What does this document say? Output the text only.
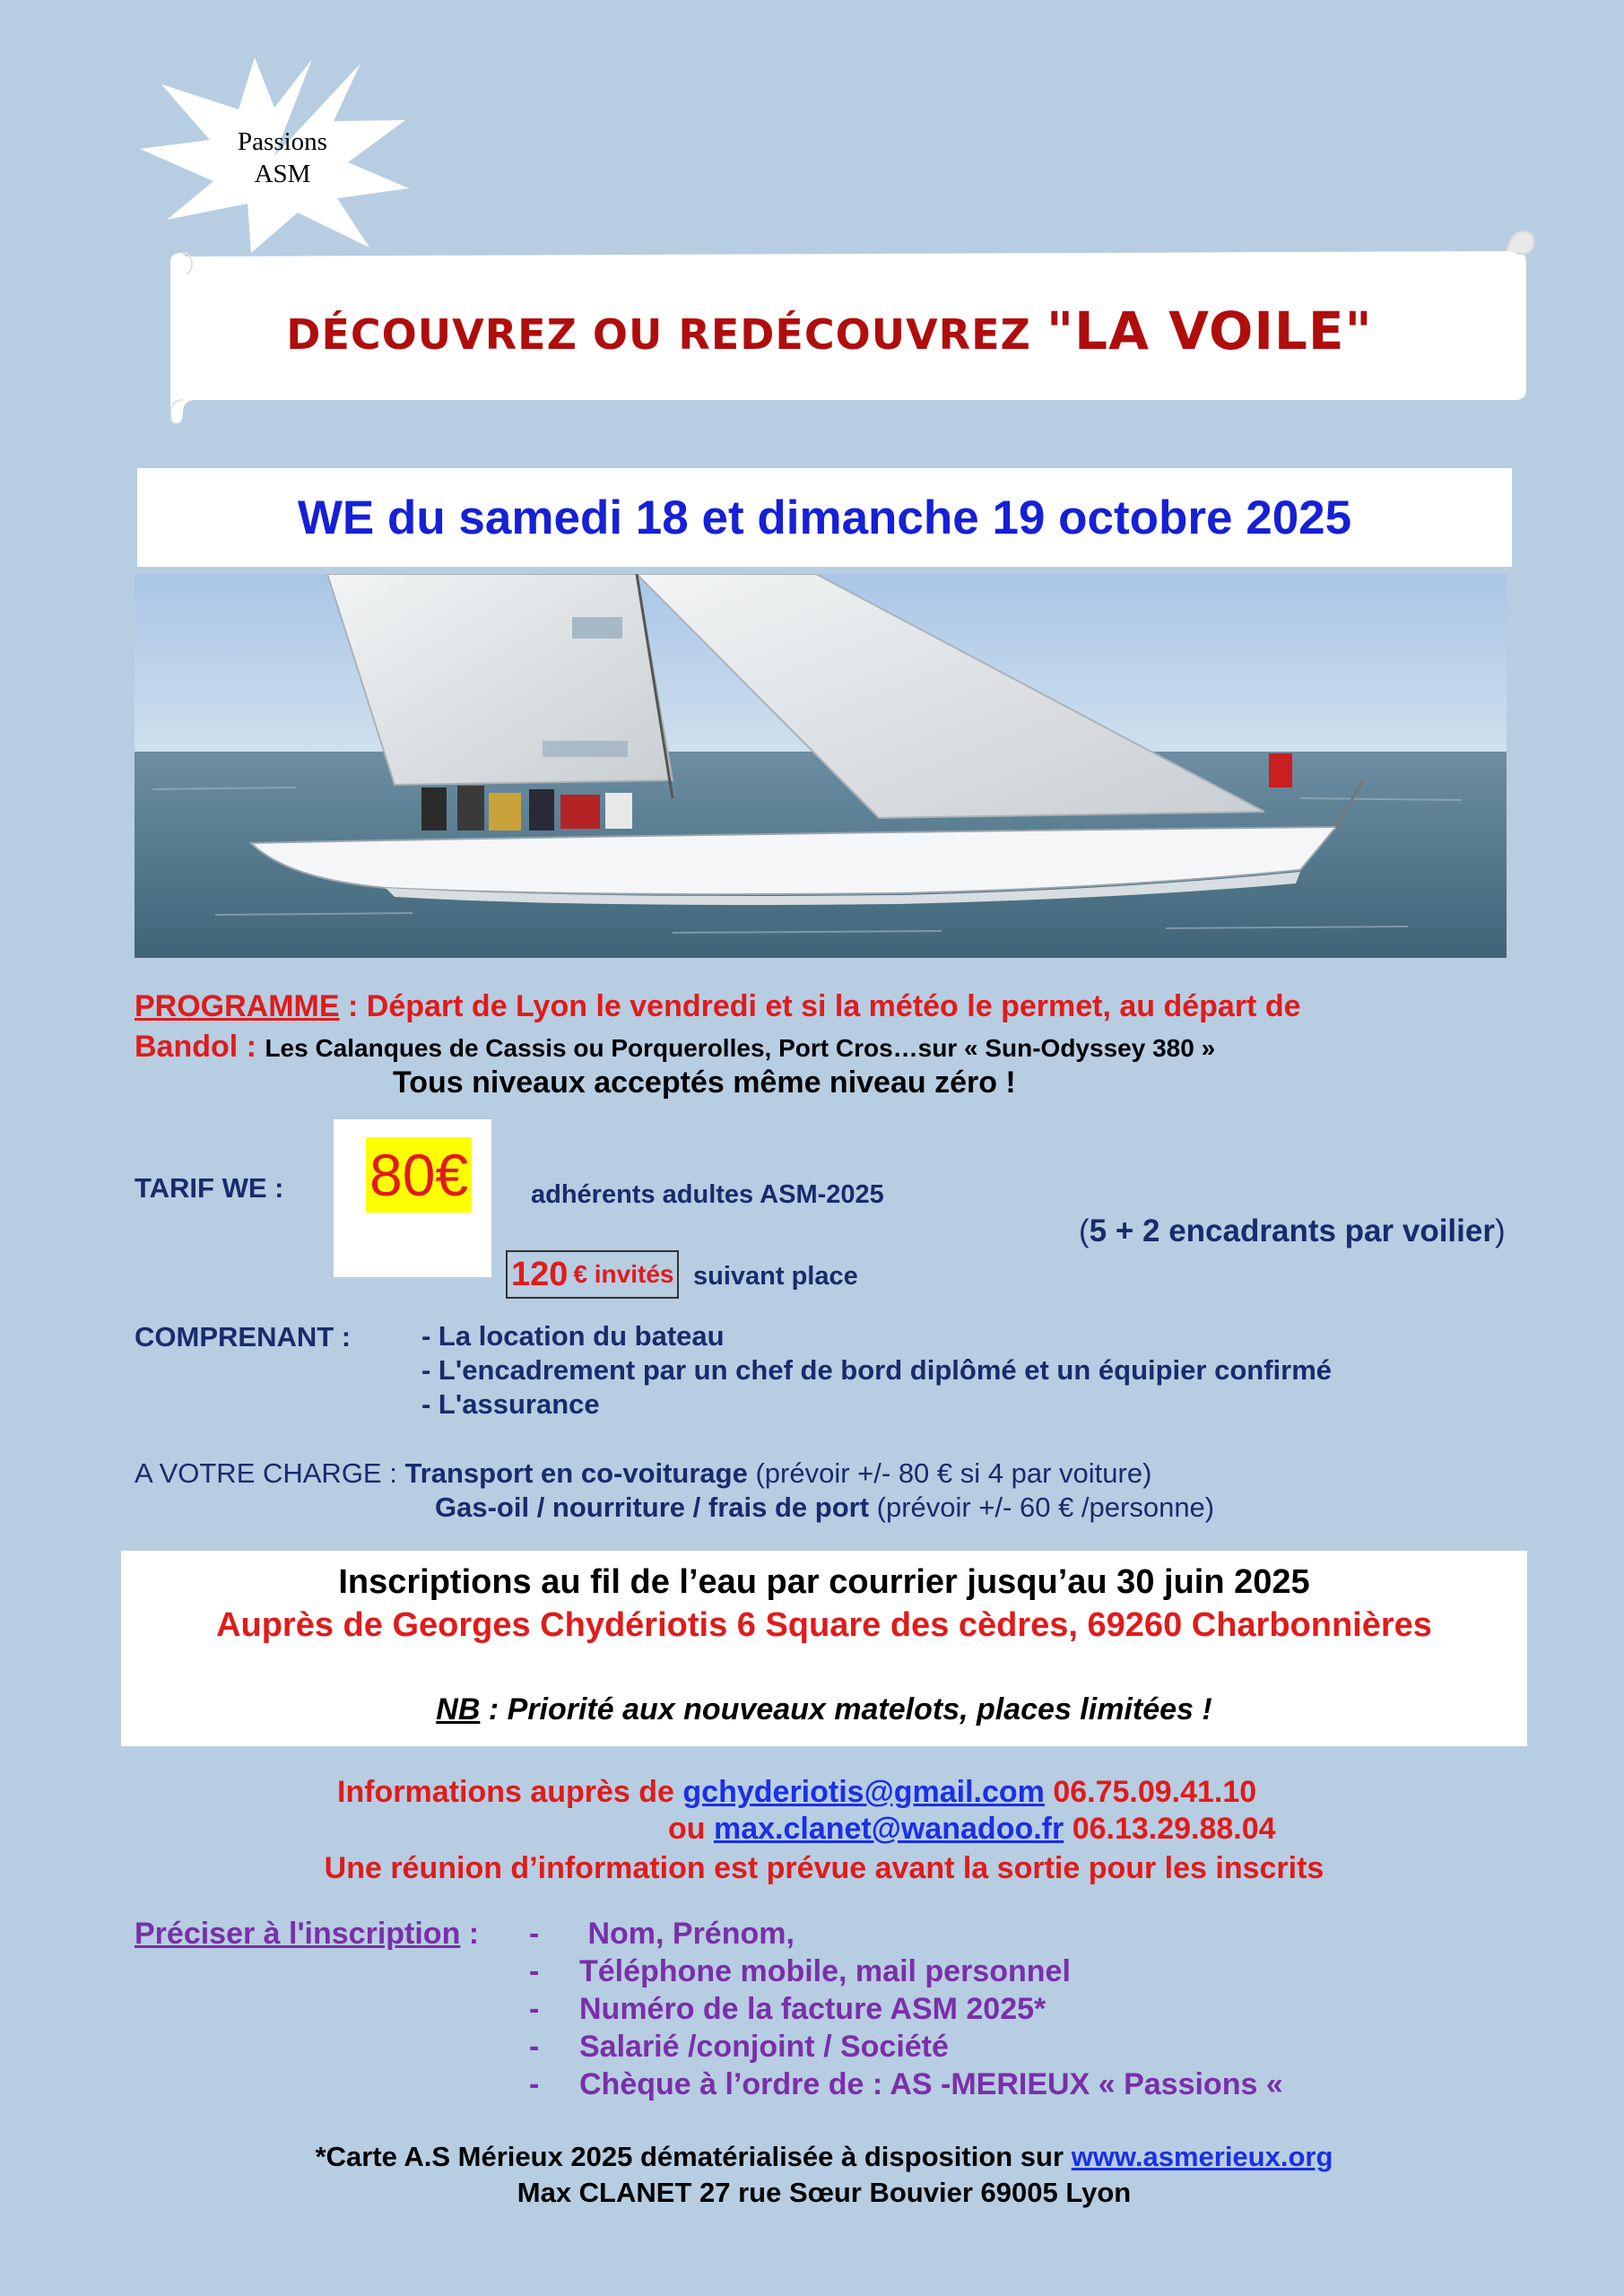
Passions
ASM
DÉCOUVREZ OU REDÉCOUVREZ "LA VOILE"
WE du samedi 18 et dimanche 19 octobre 2025
PROGRAMME : Départ de Lyon le vendredi et si la météo le permet, au départ de
Bandol : Les Calanques de Cassis ou Porquerolles, Port Cros…sur « Sun-Odyssey 380 »
Tous niveaux acceptés même niveau zéro !
TARIF WE : 80€ adhérents adultes ASM-2025
(5 + 2 encadrants par voilier)
120 € invités suivant place
COMPRENANT :	- La location du bateau
- L'encadrement par un chef de bord diplômé et un équipier confirmé
- L'assurance
A VOTRE CHARGE : Transport en co-voiturage (prévoir +/- 80 € si 4 par voiture)
Gas-oil / nourriture / frais de port (prévoir +/- 60 € /personne)
Inscriptions au fil de l’eau par courrier jusqu’au 30 juin 2025
Auprès de Georges Chydériotis 6 Square des cèdres, 69260 Charbonnières
NB : Priorité aux nouveaux matelots, places limitées !
Informations auprès de gchyderiotis@gmail.com 06.75.09.41.10
ou max.clanet@wanadoo.fr 06.13.29.88.04
Une réunion d’information est prévue avant la sortie pour les inscrits
Préciser à l'inscription : - Nom, Prénom,
- Téléphone mobile, mail personnel
- Numéro de la facture ASM 2025*
- Salarié /conjoint / Société
- Chèque à l’ordre de : AS -MERIEUX « Passions «
*Carte A.S Mérieux 2025 dématérialisée à disposition sur www.asmerieux.org
Max CLANET 27 rue Sœur Bouvier 69005 Lyon
